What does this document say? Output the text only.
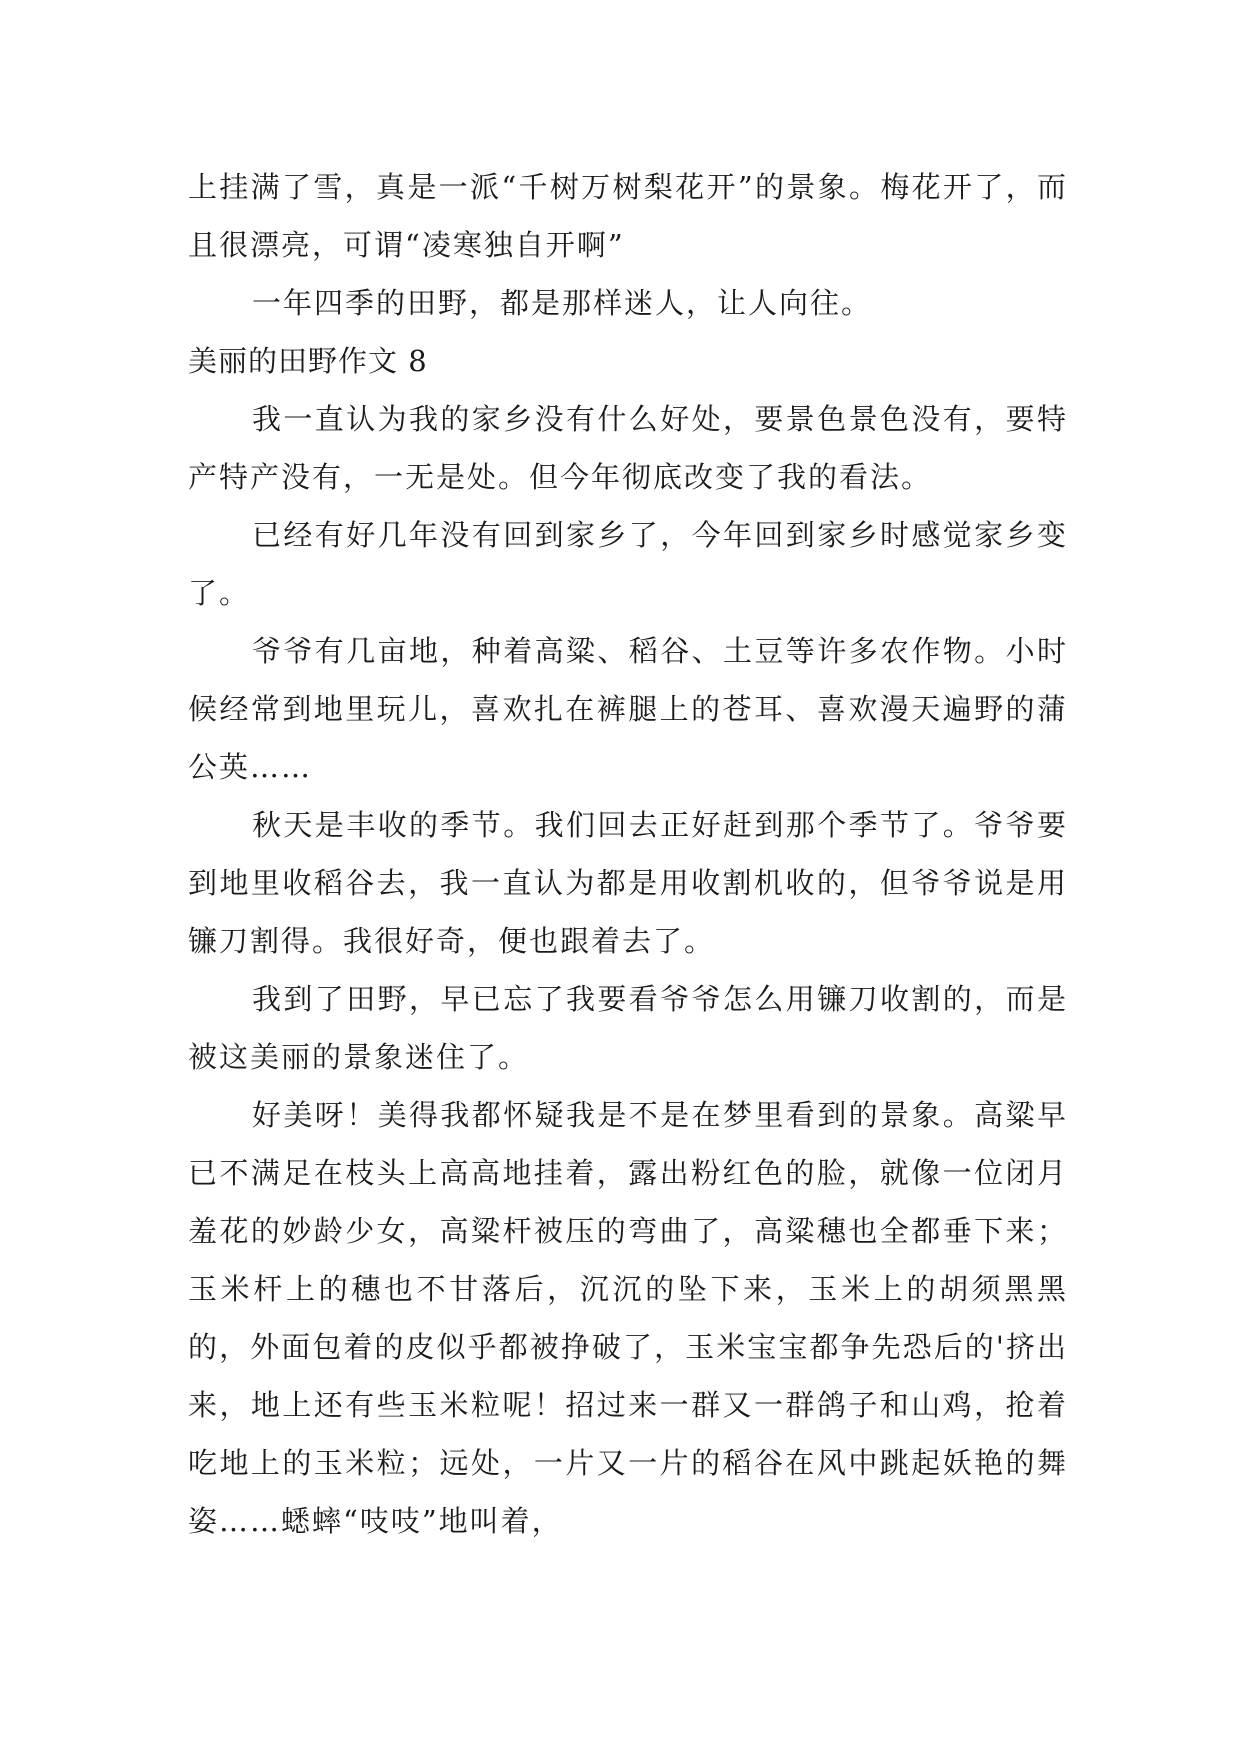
上挂满了雪，真是一派“千树万树梨花开”的景象。梅花开了，而且很漂亮，可谓“凌寒独自开啊”

一年四季的田野，都是那样迷人，让人向往。

美丽的田野作文 8

我一直认为我的家乡没有什么好处，要景色景色没有，要特产特产没有，一无是处。但今年彻底改变了我的看法。

已经有好几年没有回到家乡了，今年回到家乡时感觉家乡变了。

爷爷有几亩地，种着高粱、稻谷、土豆等许多农作物。小时候经常到地里玩儿，喜欢扎在裤腿上的苍耳、喜欢漫天遍野的蒲公英……

秋天是丰收的季节。我们回去正好赶到那个季节了。爷爷要到地里收稻谷去，我一直认为都是用收割机收的，但爷爷说是用镰刀割得。我很好奇，便也跟着去了。

我到了田野，早已忘了我要看爷爷怎么用镰刀收割的，而是被这美丽的景象迷住了。

好美呀！美得我都怀疑我是不是在梦里看到的景象。高粱早已不满足在枝头上高高地挂着，露出粉红色的脸，就像一位闭月羞花的妙龄少女，高粱杆被压的弯曲了，高粱穗也全都垂下来；玉米杆上的穗也不甘落后，沉沉的坠下来，玉米上的胡须黑黑的，外面包着的皮似乎都被挣破了，玉米宝宝都争先恐后的'挤出来，地上还有些玉米粒呢！招过来一群又一群鸽子和山鸡，抢着吃地上的玉米粒；远处，一片又一片的稻谷在风中跳起妖艳的舞姿……蟋蟀“吱吱”地叫着，
